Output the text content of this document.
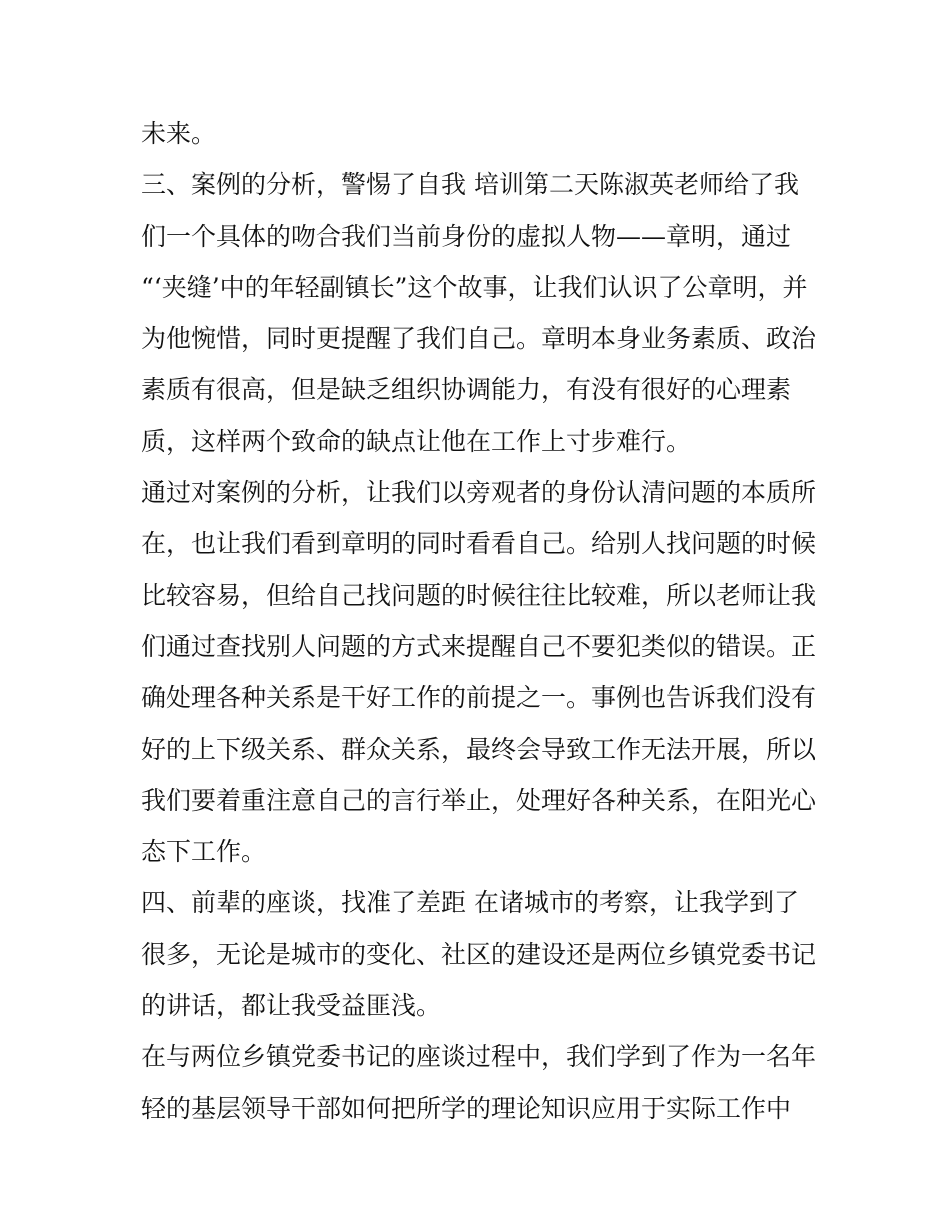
未来。
三、案例的分析，警惕了自我 培训第二天陈淑英老师给了我
们一个具体的吻合我们当前身份的虚拟人物——章明，通过
“‘夹缝’中的年轻副镇长”这个故事，让我们认识了公章明，并
为他惋惜，同时更提醒了我们自己。章明本身业务素质、政治
素质有很高，但是缺乏组织协调能力，有没有很好的心理素
质，这样两个致命的缺点让他在工作上寸步难行。
通过对案例的分析，让我们以旁观者的身份认清问题的本质所
在，也让我们看到章明的同时看看自己。给别人找问题的时候
比较容易，但给自己找问题的时候往往比较难，所以老师让我
们通过查找别人问题的方式来提醒自己不要犯类似的错误。正
确处理各种关系是干好工作的前提之一。事例也告诉我们没有
好的上下级关系、群众关系，最终会导致工作无法开展，所以
我们要着重注意自己的言行举止，处理好各种关系，在阳光心
态下工作。
四、前辈的座谈，找准了差距 在诸城市的考察，让我学到了
很多，无论是城市的变化、社区的建设还是两位乡镇党委书记
的讲话，都让我受益匪浅。
在与两位乡镇党委书记的座谈过程中，我们学到了作为一名年
轻的基层领导干部如何把所学的理论知识应用于实际工作中
